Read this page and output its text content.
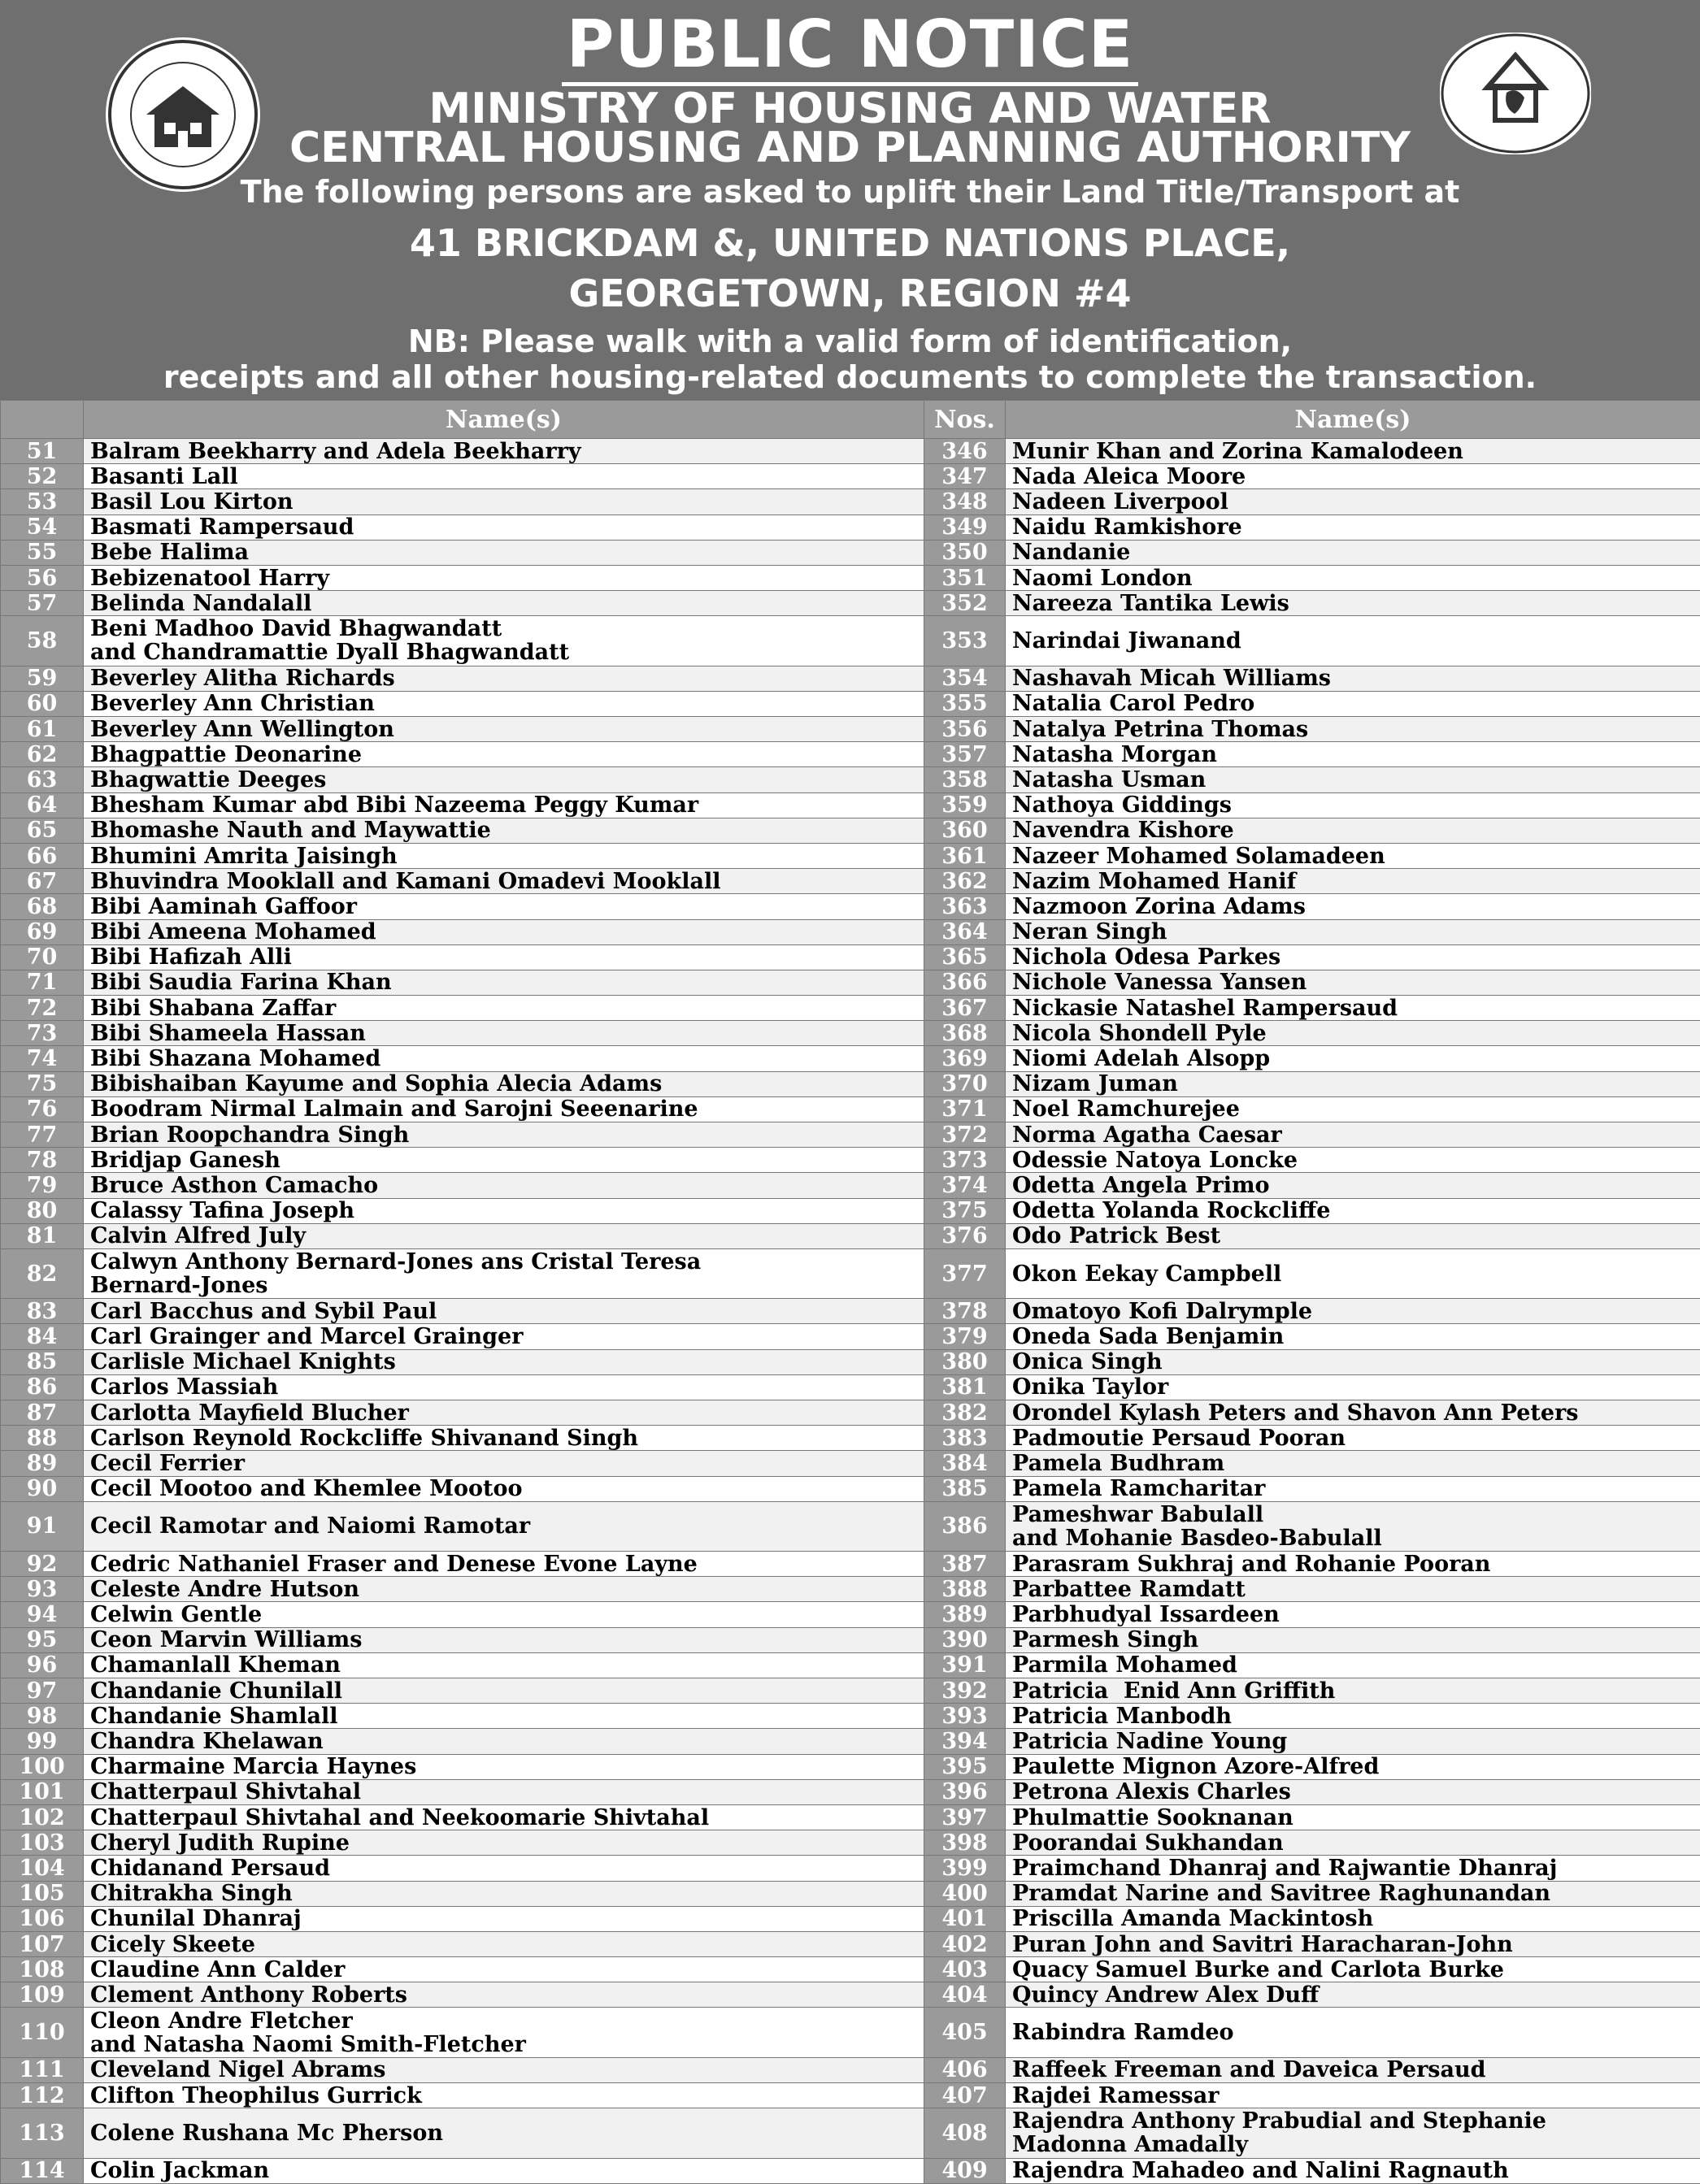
PUBLIC NOTICE
MINISTRY OF HOUSING AND WATER
CENTRAL HOUSING AND PLANNING AUTHORITY
The following persons are asked to uplift their Land Title/Transport at
41 BRICKDAM &, UNITED NATIONS PLACE,
GEORGETOWN, REGION #4
NB: Please walk with a valid form of identification,
receipts and all other housing-related documents to complete the transaction.
	Name(s)	Nos.	Name(s)
51	Balram Beekharry and Adela Beekharry	346	Munir Khan and Zorina Kamalodeen
52	Basanti Lall	347	Nada Aleica Moore
53	Basil Lou Kirton	348	Nadeen Liverpool
54	Basmati Rampersaud	349	Naidu Ramkishore
55	Bebe Halima	350	Nandanie
56	Bebizenatool Harry	351	Naomi London
57	Belinda Nandalall	352	Nareeza Tantika Lewis
58	Beni Madhoo David Bhagwandatt
and Chandramattie Dyall Bhagwandatt	353	Narindai Jiwanand
59	Beverley Alitha Richards	354	Nashavah Micah Williams
60	Beverley Ann Christian	355	Natalia Carol Pedro
61	Beverley Ann Wellington	356	Natalya Petrina Thomas
62	Bhagpattie Deonarine	357	Natasha Morgan
63	Bhagwattie Deeges	358	Natasha Usman
64	Bhesham Kumar abd Bibi Nazeema Peggy Kumar	359	Nathoya Giddings
65	Bhomashe Nauth and Maywattie	360	Navendra Kishore
66	Bhumini Amrita Jaisingh	361	Nazeer Mohamed Solamadeen
67	Bhuvindra Mooklall and Kamani Omadevi Mooklall	362	Nazim Mohamed Hanif
68	Bibi Aaminah Gaffoor	363	Nazmoon Zorina Adams
69	Bibi Ameena Mohamed	364	Neran Singh
70	Bibi Hafizah Alli	365	Nichola Odesa Parkes
71	Bibi Saudia Farina Khan	366	Nichole Vanessa Yansen
72	Bibi Shabana Zaffar	367	Nickasie Natashel Rampersaud
73	Bibi Shameela Hassan	368	Nicola Shondell Pyle
74	Bibi Shazana Mohamed	369	Niomi Adelah Alsopp
75	Bibishaiban Kayume and Sophia Alecia Adams	370	Nizam Juman
76	Boodram Nirmal Lalmain and Sarojni Seeenarine	371	Noel Ramchurejee
77	Brian Roopchandra Singh	372	Norma Agatha Caesar
78	Bridjap Ganesh	373	Odessie Natoya Loncke
79	Bruce Asthon Camacho	374	Odetta Angela Primo
80	Calassy Tafina Joseph	375	Odetta Yolanda Rockcliffe
81	Calvin Alfred July	376	Odo Patrick Best
82	Calwyn Anthony Bernard-Jones ans Cristal Teresa
Bernard-Jones	377	Okon Eekay Campbell
83	Carl Bacchus and Sybil Paul	378	Omatoyo Kofi Dalrymple
84	Carl Grainger and Marcel Grainger	379	Oneda Sada Benjamin
85	Carlisle Michael Knights	380	Onica Singh
86	Carlos Massiah	381	Onika Taylor
87	Carlotta Mayfield Blucher	382	Orondel Kylash Peters and Shavon Ann Peters
88	Carlson Reynold Rockcliffe Shivanand Singh	383	Padmoutie Persaud Pooran
89	Cecil Ferrier	384	Pamela Budhram
90	Cecil Mootoo and Khemlee Mootoo	385	Pamela Ramcharitar
91	Cecil Ramotar and Naiomi Ramotar	386	Pameshwar Babulall
and Mohanie Basdeo-Babulall
92	Cedric Nathaniel Fraser and Denese Evone Layne	387	Parasram Sukhraj and Rohanie Pooran
93	Celeste Andre Hutson	388	Parbattee Ramdatt
94	Celwin Gentle	389	Parbhudyal Issardeen
95	Ceon Marvin Williams	390	Parmesh Singh
96	Chamanlall Kheman	391	Parmila Mohamed
97	Chandanie Chunilall	392	Patricia  Enid Ann Griffith
98	Chandanie Shamlall	393	Patricia Manbodh
99	Chandra Khelawan	394	Patricia Nadine Young
100	Charmaine Marcia Haynes	395	Paulette Mignon Azore-Alfred
101	Chatterpaul Shivtahal	396	Petrona Alexis Charles
102	Chatterpaul Shivtahal and Neekoomarie Shivtahal	397	Phulmattie Sooknanan
103	Cheryl Judith Rupine	398	Poorandai Sukhandan
104	Chidanand Persaud	399	Praimchand Dhanraj and Rajwantie Dhanraj
105	Chitrakha Singh	400	Pramdat Narine and Savitree Raghunandan
106	Chunilal Dhanraj	401	Priscilla Amanda Mackintosh
107	Cicely Skeete	402	Puran John and Savitri Haracharan-John
108	Claudine Ann Calder	403	Quacy Samuel Burke and Carlota Burke
109	Clement Anthony Roberts	404	Quincy Andrew Alex Duff
110	Cleon Andre Fletcher
and Natasha Naomi Smith-Fletcher	405	Rabindra Ramdeo
111	Cleveland Nigel Abrams	406	Raffeek Freeman and Daveica Persaud
112	Clifton Theophilus Gurrick	407	Rajdei Ramessar
113	Colene Rushana Mc Pherson	408	Rajendra Anthony Prabudial and Stephanie
Madonna Amadally
114	Colin Jackman	409	Rajendra Mahadeo and Nalini Ragnauth
